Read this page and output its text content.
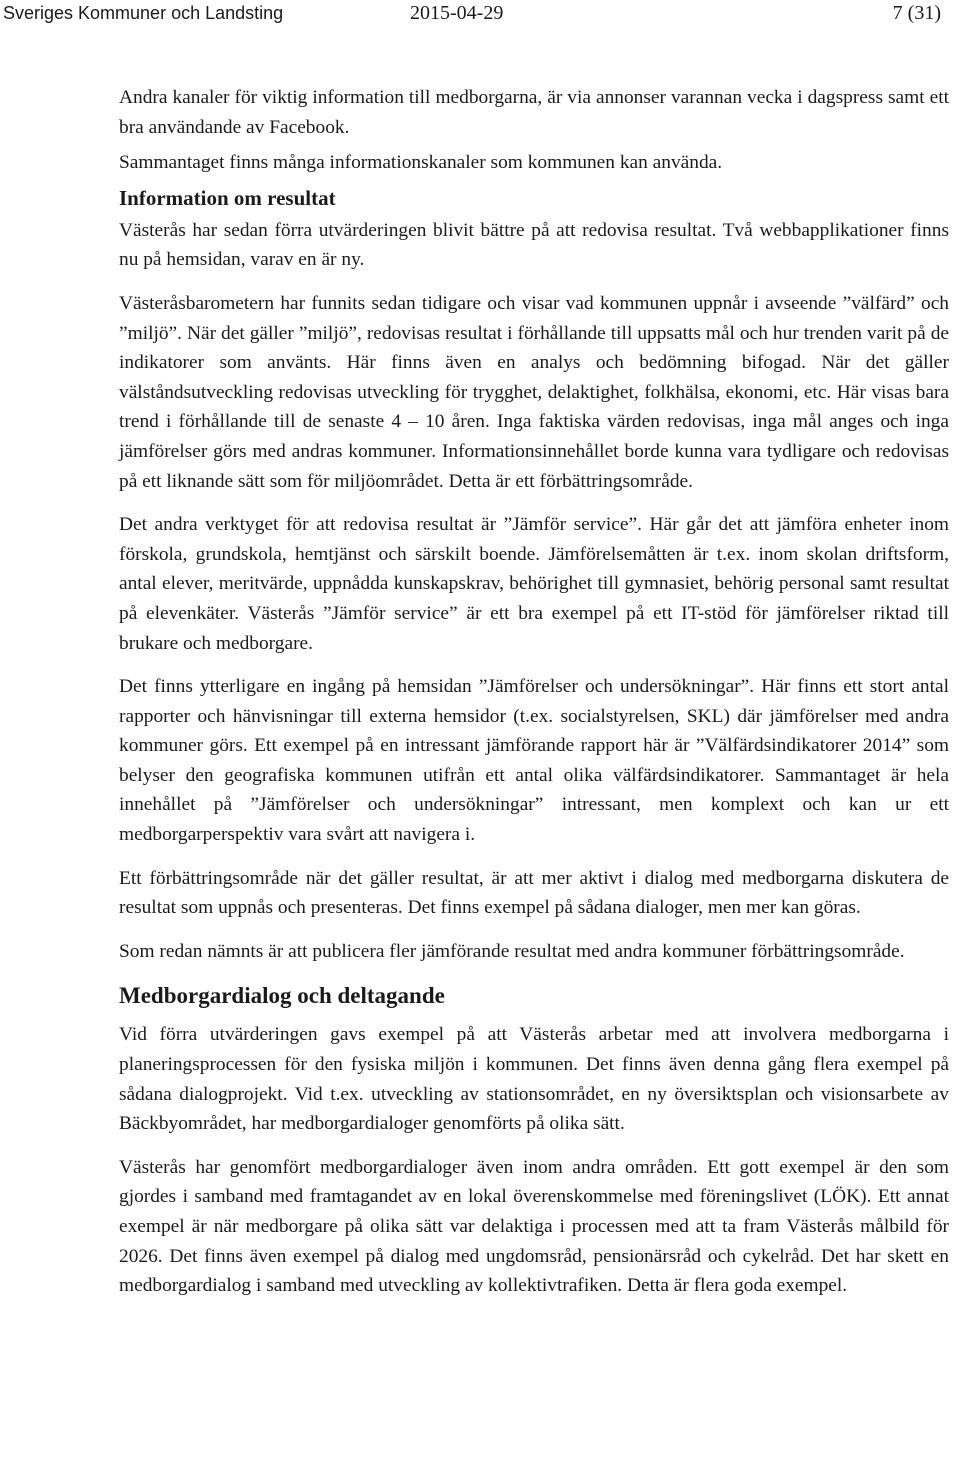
Sveriges Kommuner och Landsting	2015-04-29	7 (31)

Andra kanaler för viktig information till medborgarna, är via annonser varannan vecka i dagspress samt ett bra användande av Facebook.

Sammantaget finns många informationskanaler som kommunen kan använda.

Information om resultat

Västerås har sedan förra utvärderingen blivit bättre på att redovisa resultat. Två webbapplikationer finns nu på hemsidan, varav en är ny.

Västeråsbarometern har funnits sedan tidigare och visar vad kommunen uppnår i avseende ”välfärd” och ”miljö”. När det gäller ”miljö”, redovisas resultat i förhållande till uppsatts mål och hur trenden varit på de indikatorer som använts. Här finns även en analys och bedömning bifogad. När det gäller välståndsutveckling redovisas utveckling för trygghet, delaktighet, folkhälsa, ekonomi, etc. Här visas bara trend i förhållande till de senaste 4 – 10 åren. Inga faktiska värden redovisas, inga mål anges och inga jämförelser görs med andras kommuner. Informationsinnehållet borde kunna vara tydligare och redovisas på ett liknande sätt som för miljöområdet. Detta är ett förbättringsområde.

Det andra verktyget för att redovisa resultat är ”Jämför service”. Här går det att jämföra enheter inom förskola, grundskola, hemtjänst och särskilt boende. Jämförelsemåtten är t.ex. inom skolan driftsform, antal elever, meritvärde, uppnådda kunskapskrav, behörighet till gymnasiet, behörig personal samt resultat på elevenkäter. Västerås ”Jämför service” är ett bra exempel på ett IT-stöd för jämförelser riktad till brukare och medborgare.

Det finns ytterligare en ingång på hemsidan ”Jämförelser och undersökningar”. Här finns ett stort antal rapporter och hänvisningar till externa hemsidor (t.ex. socialstyrelsen, SKL) där jämförelser med andra kommuner görs. Ett exempel på en intressant jämförande rapport här är ”Välfärdsindikatorer 2014” som belyser den geografiska kommunen utifrån ett antal olika välfärdsindikatorer. Sammantaget är hela innehållet på ”Jämförelser och undersökningar” intressant, men komplext och kan ur ett medborgarperspektiv vara svårt att navigera i.

Ett förbättringsområde när det gäller resultat, är att mer aktivt i dialog med medborgarna diskutera de resultat som uppnås och presenteras. Det finns exempel på sådana dialoger, men mer kan göras.

Som redan nämnts är att publicera fler jämförande resultat med andra kommuner förbättringsområde.

Medborgardialog och deltagande

Vid förra utvärderingen gavs exempel på att Västerås arbetar med att involvera medborgarna i planeringsprocessen för den fysiska miljön i kommunen. Det finns även denna gång flera exempel på sådana dialogprojekt. Vid t.ex. utveckling av stationsområdet, en ny översiktsplan och visionsarbete av Bäckbyområdet, har medborgardialoger genomförts på olika sätt.

Västerås har genomfört medborgardialoger även inom andra områden. Ett gott exempel är den som gjordes i samband med framtagandet av en lokal överenskommelse med föreningslivet (LÖK). Ett annat exempel är när medborgare på olika sätt var delaktiga i processen med att ta fram Västerås målbild för 2026. Det finns även exempel på dialog med ungdomsråd, pensionärsråd och cykelråd. Det har skett en medborgardialog i samband med utveckling av kollektivtrafiken. Detta är flera goda exempel.
